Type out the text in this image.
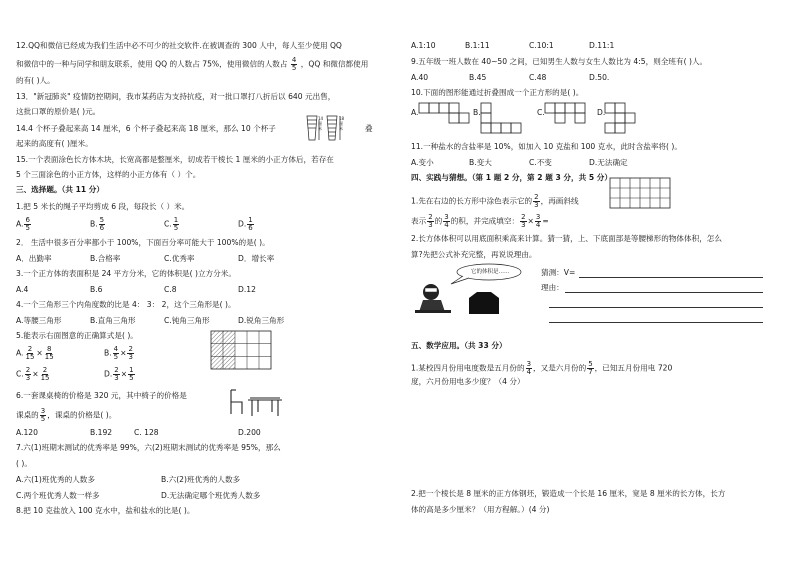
12.QQ和微信已经成为我们生活中必不可少的社交软件.在被调查的 300 人中，每人至少使用 QQ
和微信中的一种与同学和朋友联系，使用 QQ 的人数占 75%，使用微信的人数占 $\frac{4}{5}$ ，QQ 和微信都使用
的有( )人。
13．"新冠肺炎" 疫情防控期间，我市某药店为支持抗疫，对一批口罩打八折后以 640 元出售，
这批口罩的原价是( )元。
14.4 个杯子叠起来高 14 厘米，6 个杯子叠起来高 18 厘米，那么 10 个杯子
14厘米
18厘米	叠
起来的高度有( )厘米。
15.一个表面涂色长方体木块，长宽高都是整厘米，切成若干棱长 1 厘米的小正方体后，若存在
5 个三面涂色的小正方体，这样的小正方体有（ ）个。
三、选择题。（共 11 分）
1.把 5 米长的绳子平均剪成 6 段，每段长（ ）米。
A. $\frac{6}{5}$	B. $\frac{5}{6}$	C. $\frac{1}{5}$	D. $\frac{1}{6}$
2． 生活中很多百分率都小于 100%，下面百分率可能大于 100%的是( )。
A．出勤率	B.合格率	C.优秀率	D．增长率
3.一个正方体的表面积是 24 平方分米，它的体积是( )立方分米。
A.4	B.6	C.8	D.12
4.一个三角形三个内角度数的比是 4： 3： 2，这个三角形是( )。
A.等腰三角形	B.直角三角形	C.钝角三角形	D.锐角三角形
5.能表示右面图意的正确算式是( )。
A. $\frac{2}{15} \times \frac{8}{15}$	B. $\frac{4}{5} \times \frac{2}{3}$
C. $\frac{2}{3} \times \frac{2}{15}$	D. $\frac{2}{3} \times \frac{1}{5}$
6.一套课桌椅的价格是 320 元，其中椅子的价格是
课桌的 $\frac{3}{5}$ ，课桌的价格是( )。
A.120	B.192	C. 128	D.200
7.六(1)班期末测试的优秀率是 99%，六(2)班期末测试的优秀率是 95%，那么
( )。
A.六(1)班优秀的人数多	B.六(2)班优秀的人数多
C.两个班优秀人数一样多	D.无法确定哪个班优秀人数多
8.把 10 克盐放入 100 克水中，盐和盐水的比是( )。
A.1:10	B.1:11	C.10:1	D.11:1
9.五年级一班人数在 40~50 之间，已知男生人数与女生人数比为 4:5，则全班有( )人。
A.40	B.45	C.48	D.50.
10.下面的图形能通过折叠围成一个正方形的是( )。
A.	B.	C.	D.
11.一种盐水的含盐率是 10%，如加入 10 克盐和 100 克水，此时含盐率将( )。
A.变小	B.变大	C.不变	D.无法确定
四、实践与猜想。（第 1 题 2 分，第 2 题 3 分，共 5 分）
1.先在右边的长方形中涂色表示它的 $\frac{2}{3}$ ，再画斜线
表示 $\frac{2}{3}$ 的 $\frac{3}{4}$ 的积，并完成填空： $\frac{2}{3} \times \frac{3}{4}$ =
2.长方体体积可以用底面积乘高来计算。猜一猜，上、下底面部是等腰梯形的物体体积，怎么
算?先把公式补充完整，再说说理由。
它的体积是……	猜测：V=
理由：
五、数学应用。（共 33 分）
1.某校四月份用电度数是五月份的 $\frac{3}{4}$ ，又是六月份的 $\frac{5}{7}$ ，已知五月份用电 720
度，六月份用电多少度？（4 分）
2.把一个棱长是 8 厘米的正方体钢坯，锻造成一个长是 16 厘米，宽是 8 厘米的长方体，长方
体的高是多少厘米？（用方程解。）(4 分)
